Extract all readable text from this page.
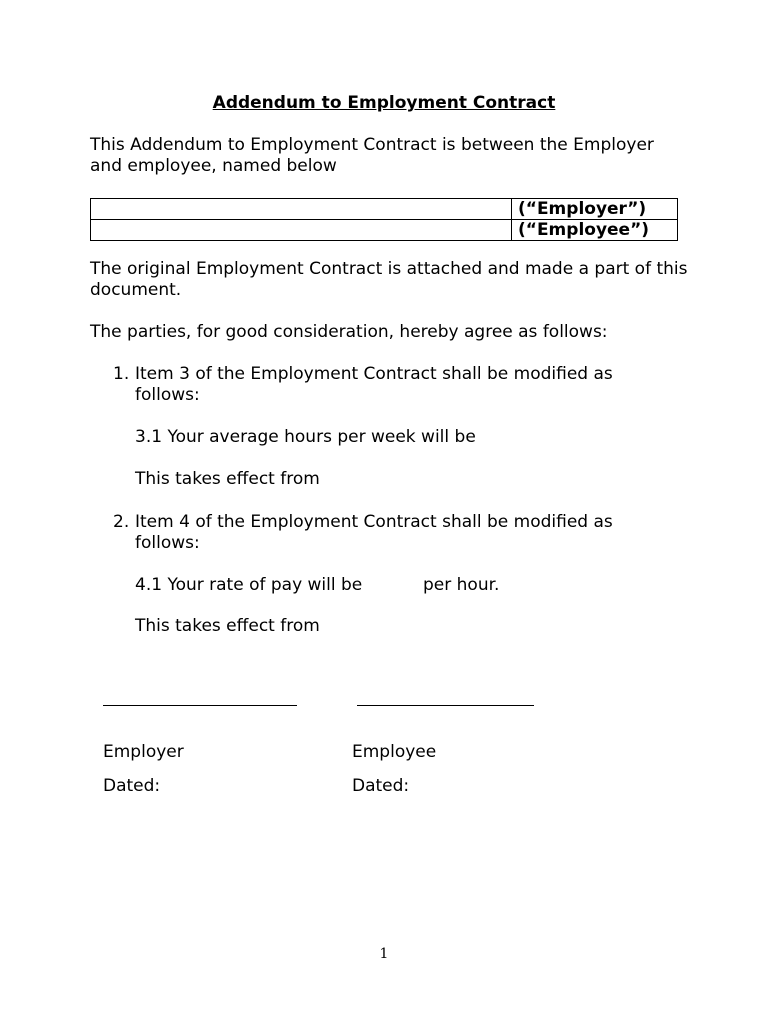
Addendum to Employment Contract
This Addendum to Employment Contract is between the Employer and employee, named below
	(“Employer”)
	(“Employee”)
The original Employment Contract is attached and made a part of this document.
The parties, for good consideration, hereby agree as follows:
1. Item 3 of the Employment Contract shall be modified as
follows:
3.1 Your average hours per week will be
This takes effect from
2. Item 4 of the Employment Contract shall be modified as
follows:
4.1 Your rate of pay will be	per hour.
This takes effect from
Employer	Employee
Dated:	Dated:
1
